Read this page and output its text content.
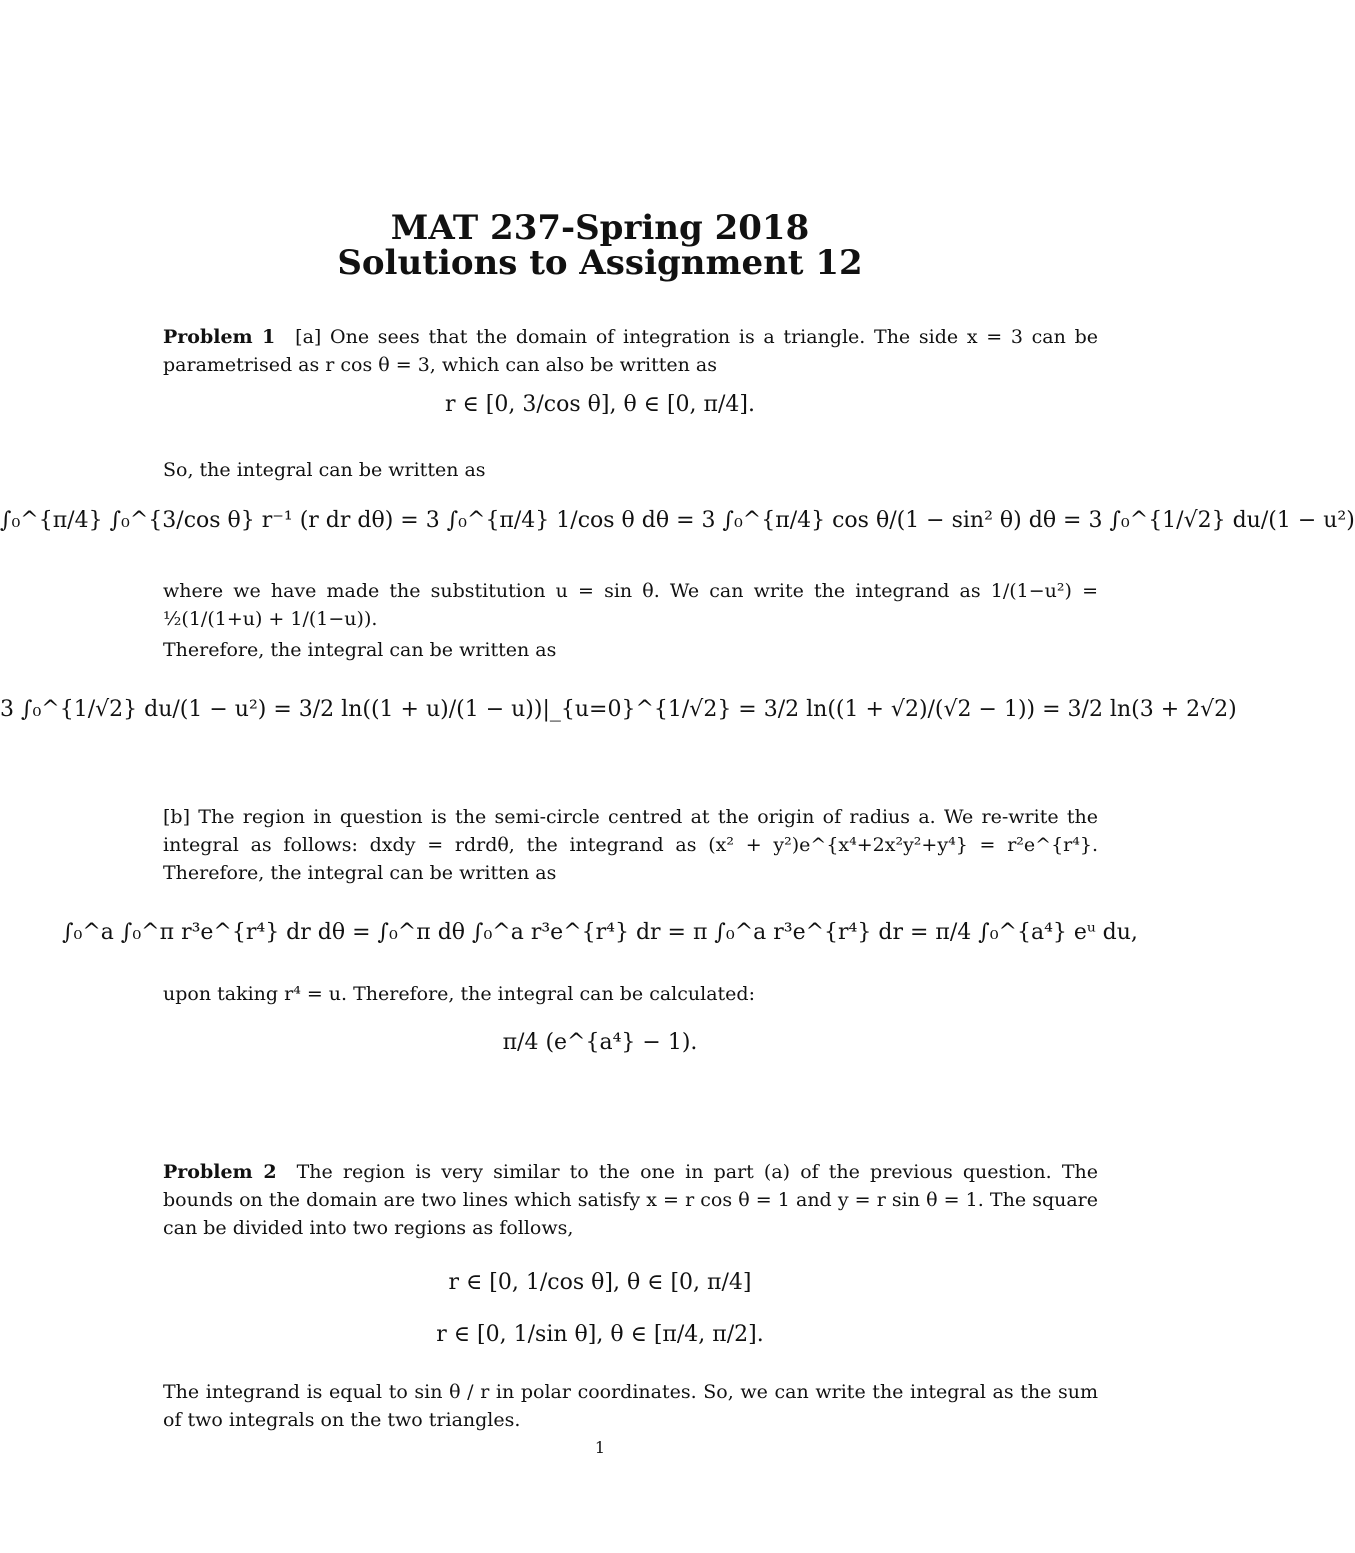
MAT 237-Spring 2018
Solutions to Assignment 12
Problem 1 [a] One sees that the domain of integration is a triangle. The side x = 3 can be parametrised as r cos θ = 3, which can also be written as
r ∈ [0, 3/cos θ], θ ∈ [0, π/4].
So, the integral can be written as
∫₀^{π/4} ∫₀^{3/cos θ} r⁻¹ (r dr dθ) = 3 ∫₀^{π/4} 1/cos θ dθ = 3 ∫₀^{π/4} cos θ/(1 − sin² θ) dθ = 3 ∫₀^{1/√2} du/(1 − u²)
where we have made the substitution u = sin θ. We can write the integrand as 1/(1−u²) = ½(1/(1+u) + 1/(1−u)).
Therefore, the integral can be written as
3 ∫₀^{1/√2} du/(1 − u²) = 3/2 ln((1 + u)/(1 − u))|_{u=0}^{1/√2} = 3/2 ln((1 + √2)/(√2 − 1)) = 3/2 ln(3 + 2√2)
[b] The region in question is the semi-circle centred at the origin of radius a. We re-write the integral as follows: dxdy = rdrdθ, the integrand as (x² + y²)e^{x⁴+2x²y²+y⁴} = r²e^{r⁴}. Therefore, the integral can be written as
∫₀^a ∫₀^π r³e^{r⁴} dr dθ = ∫₀^π dθ ∫₀^a r³e^{r⁴} dr = π ∫₀^a r³e^{r⁴} dr = π/4 ∫₀^{a⁴} eᵘ du,
upon taking r⁴ = u. Therefore, the integral can be calculated:
π/4 (e^{a⁴} − 1).
Problem 2 The region is very similar to the one in part (a) of the previous question. The bounds on the domain are two lines which satisfy x = r cos θ = 1 and y = r sin θ = 1. The square can be divided into two regions as follows,
r ∈ [0, 1/cos θ], θ ∈ [0, π/4]
r ∈ [0, 1/sin θ], θ ∈ [π/4, π/2].
The integrand is equal to sin θ / r in polar coordinates. So, we can write the integral as the sum of two integrals on the two triangles.
1
